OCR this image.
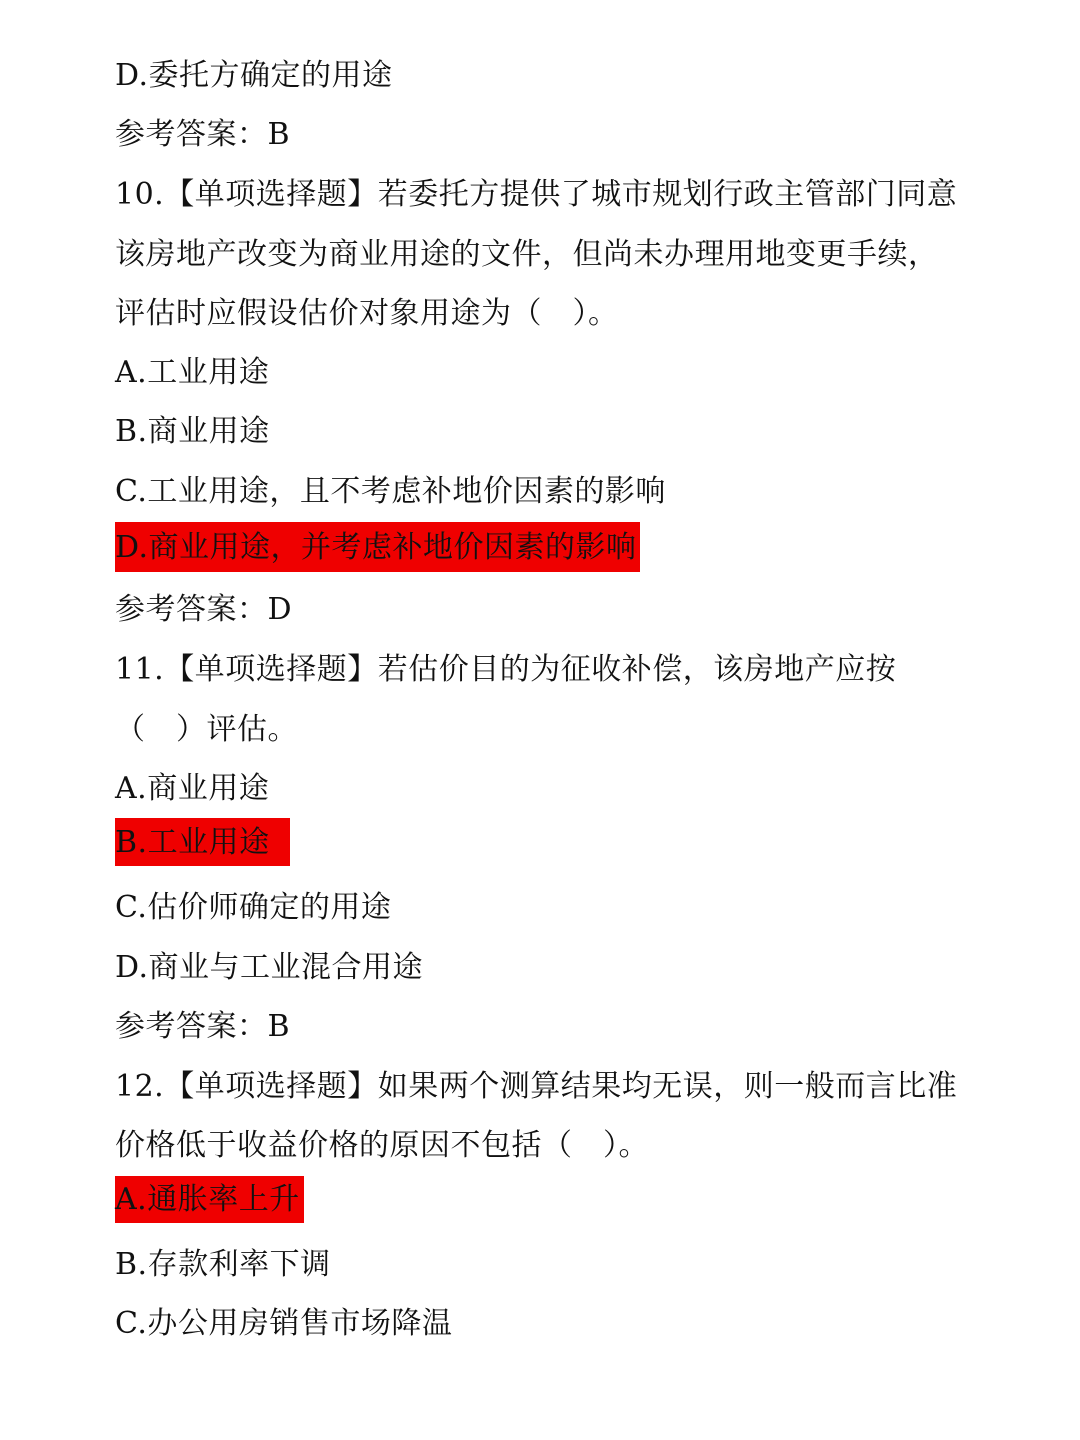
D.委托方确定的用途
参考答案：B
10.【单项选择题】若委托方提供了城市规划行政主管部门同意
该房地产改变为商业用途的文件，但尚未办理用地变更手续，
评估时应假设估价对象用途为（　）。
A.工业用途
B.商业用途
C.工业用途，且不考虑补地价因素的影响
D.商业用途，并考虑补地价因素的影响
参考答案：D
11.【单项选择题】若估价目的为征收补偿，该房地产应按
（　）评估。
A.商业用途
B.工业用途
C.估价师确定的用途
D.商业与工业混合用途
参考答案：B
12.【单项选择题】如果两个测算结果均无误，则一般而言比准
价格低于收益价格的原因不包括（　）。
A.通胀率上升
B.存款利率下调
C.办公用房销售市场降温
